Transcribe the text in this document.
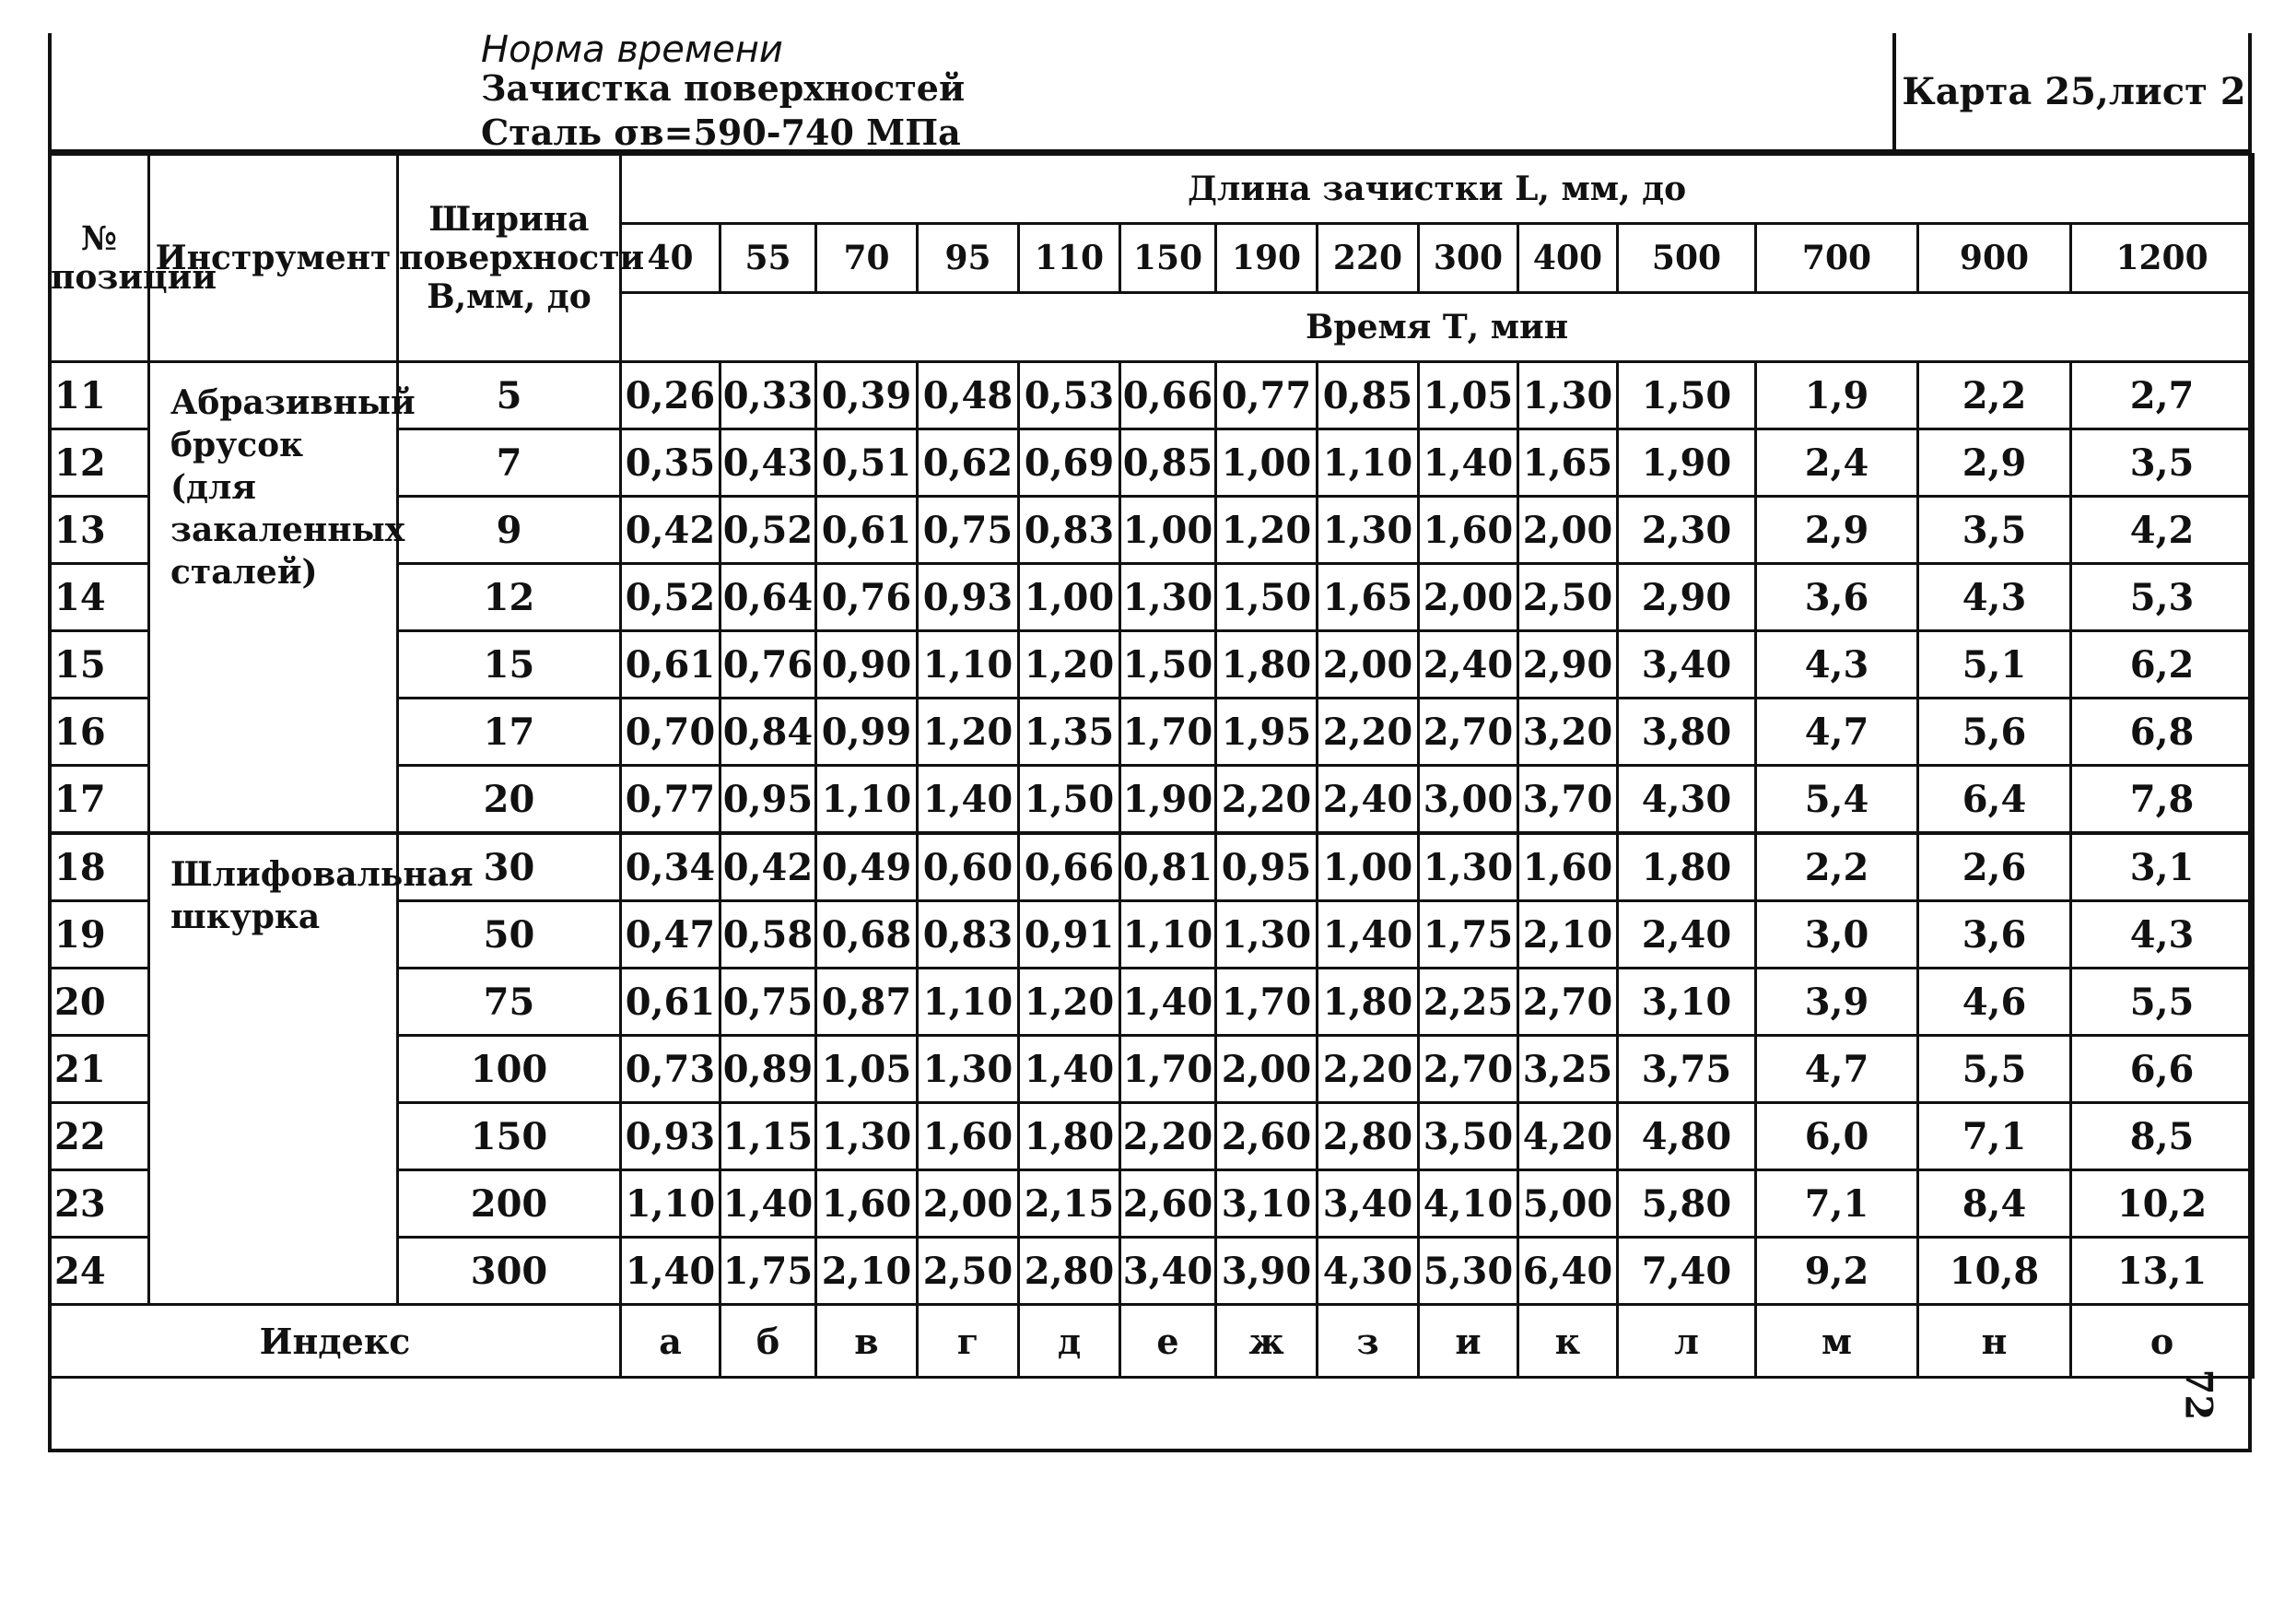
Норма времени
Зачистка поверхностей
Сталь σв=590-740 МПа
Карта 25,лист 2
№ позиции	Инструмент	Ширина поверхности B,мм, до	Длина зачистки L, мм, до													
			40	55	70	95	110	150	190	220	300	400	500	700	900	1200
			Время Т, мин													
11	Абразивный брусок (для закаленных сталей)	5	0,26	0,33	0,39	0,48	0,53	0,66	0,77	0,85	1,05	1,30	1,50	1,9	2,2	2,7
12		7	0,35	0,43	0,51	0,62	0,69	0,85	1,00	1,10	1,40	1,65	1,90	2,4	2,9	3,5
13		9	0,42	0,52	0,61	0,75	0,83	1,00	1,20	1,30	1,60	2,00	2,30	2,9	3,5	4,2
14		12	0,52	0,64	0,76	0,93	1,00	1,30	1,50	1,65	2,00	2,50	2,90	3,6	4,3	5,3
15		15	0,61	0,76	0,90	1,10	1,20	1,50	1,80	2,00	2,40	2,90	3,40	4,3	5,1	6,2
16		17	0,70	0,84	0,99	1,20	1,35	1,70	1,95	2,20	2,70	3,20	3,80	4,7	5,6	6,8
17		20	0,77	0,95	1,10	1,40	1,50	1,90	2,20	2,40	3,00	3,70	4,30	5,4	6,4	7,8
18	Шлифовальная шкурка	30	0,34	0,42	0,49	0,60	0,66	0,81	0,95	1,00	1,30	1,60	1,80	2,2	2,6	3,1
19		50	0,47	0,58	0,68	0,83	0,91	1,10	1,30	1,40	1,75	2,10	2,40	3,0	3,6	4,3
20		75	0,61	0,75	0,87	1,10	1,20	1,40	1,70	1,80	2,25	2,70	3,10	3,9	4,6	5,5
21		100	0,73	0,89	1,05	1,30	1,40	1,70	2,00	2,20	2,70	3,25	3,75	4,7	5,5	6,6
22		150	0,93	1,15	1,30	1,60	1,80	2,20	2,60	2,80	3,50	4,20	4,80	6,0	7,1	8,5
23		200	1,10	1,40	1,60	2,00	2,15	2,60	3,10	3,40	4,10	5,00	5,80	7,1	8,4	10,2
24		300	1,40	1,75	2,10	2,50	2,80	3,40	3,90	4,30	5,30	6,40	7,40	9,2	10,8	13,1
Индекс			а	б	в	г	д	е	ж	з	и	к	л	м	н	о
72
